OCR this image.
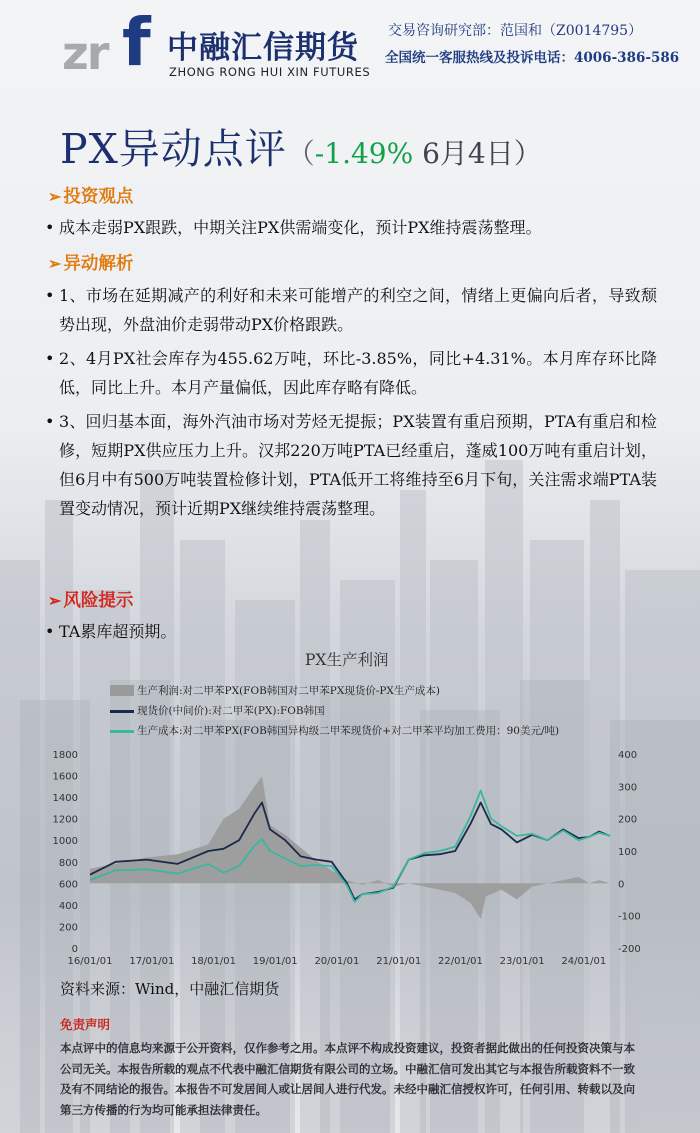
zr f 中融汇信期货
ZHONG RONG HUI XIN FUTURES
交易咨询研究部：范国和（Z0014795）
全国统一客服热线及投诉电话：4006-386-586
PX异动点评（-1.49% 6月4日）
➢ 投资观点
• 成本走弱PX跟跌，中期关注PX供需端变化，预计PX维持震荡整理。
➢ 异动解析
• 1、市场在延期减产的利好和未来可能增产的利空之间，情绪上更偏向后者，导致颓势出现，外盘油价走弱带动PX价格跟跌。
• 2、4月PX社会库存为455.62万吨，环比-3.85%，同比+4.31%。本月库存环比降低，同比上升。本月产量偏低，因此库存略有降低。
• 3、回归基本面，海外汽油市场对芳烃无提振；PX装置有重启预期，PTA有重启和检修，短期PX供应压力上升。汉邦220万吨PTA已经重启，蓬威100万吨有重启计划，但6月中有500万吨装置检修计划，PTA低开工将维持至6月下旬，关注需求端PTA装置变动情况，预计近期PX继续维持震荡整理。
➢ 风险提示
• TA累库超预期。
0
200
400
600
800
1000
1200
1400
1600
1800
-200
-100
0
100
200
300
400
16/01/01 17/01/01 18/01/01 19/01/01 20/01/01 21/01/01 22/01/01 23/01/01 24/01/01
PX生产利润
生产利润:对二甲苯PX(FOB韩国对二甲苯PX现货价-PX生产成本)
现货价(中间价):对二甲苯(PX):FOB韩国
生产成本:对二甲苯PX(FOB韩国异构级二甲苯现货价+对二甲苯平均加工费用：90美元/吨)
资料来源：Wind，中融汇信期货
免责声明
本点评中的信息均来源于公开资料，仅作参考之用。本点评不构成投资建议，投资者据此做出的任何投资决策与本公司无关。本报告所载的观点不代表中融汇信期货有限公司的立场。中融汇信可发出其它与本报告所载资料不一致及有不同结论的报告。本报告不可发居间人或让居间人进行代发。未经中融汇信授权许可，任何引用、转载以及向第三方传播的行为均可能承担法律责任。
